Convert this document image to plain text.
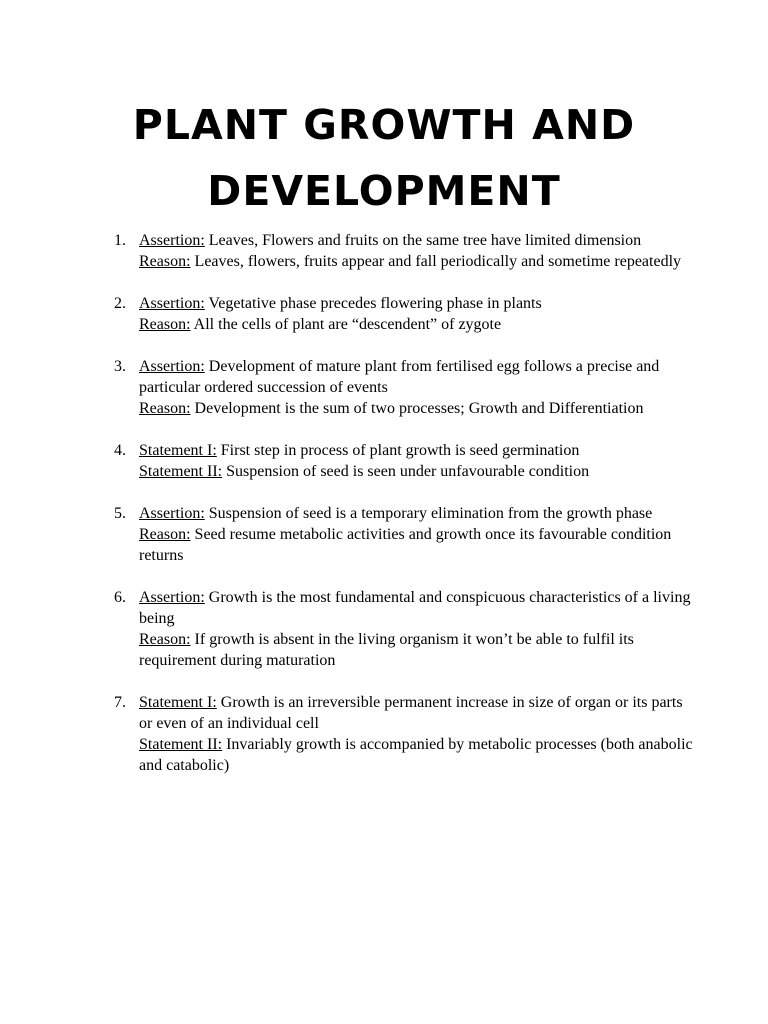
PLANT GROWTH AND
DEVELOPMENT
1. Assertion: Leaves, Flowers and fruits on the same tree have limited dimension
Reason: Leaves, flowers, fruits appear and fall periodically and sometime repeatedly
2. Assertion: Vegetative phase precedes flowering phase in plants
Reason: All the cells of plant are “descendent” of zygote
3. Assertion: Development of mature plant from fertilised egg follows a precise and particular ordered succession of events
Reason: Development is the sum of two processes; Growth and Differentiation
4. Statement I: First step in process of plant growth is seed germination
Statement II: Suspension of seed is seen under unfavourable condition
5. Assertion: Suspension of seed is a temporary elimination from the growth phase
Reason: Seed resume metabolic activities and growth once its favourable condition returns
6. Assertion: Growth is the most fundamental and conspicuous characteristics of a living being
Reason: If growth is absent in the living organism it won’t be able to fulfil its requirement during maturation
7. Statement I: Growth is an irreversible permanent increase in size of organ or its parts or even of an individual cell
Statement II: Invariably growth is accompanied by metabolic processes (both anabolic and catabolic)
